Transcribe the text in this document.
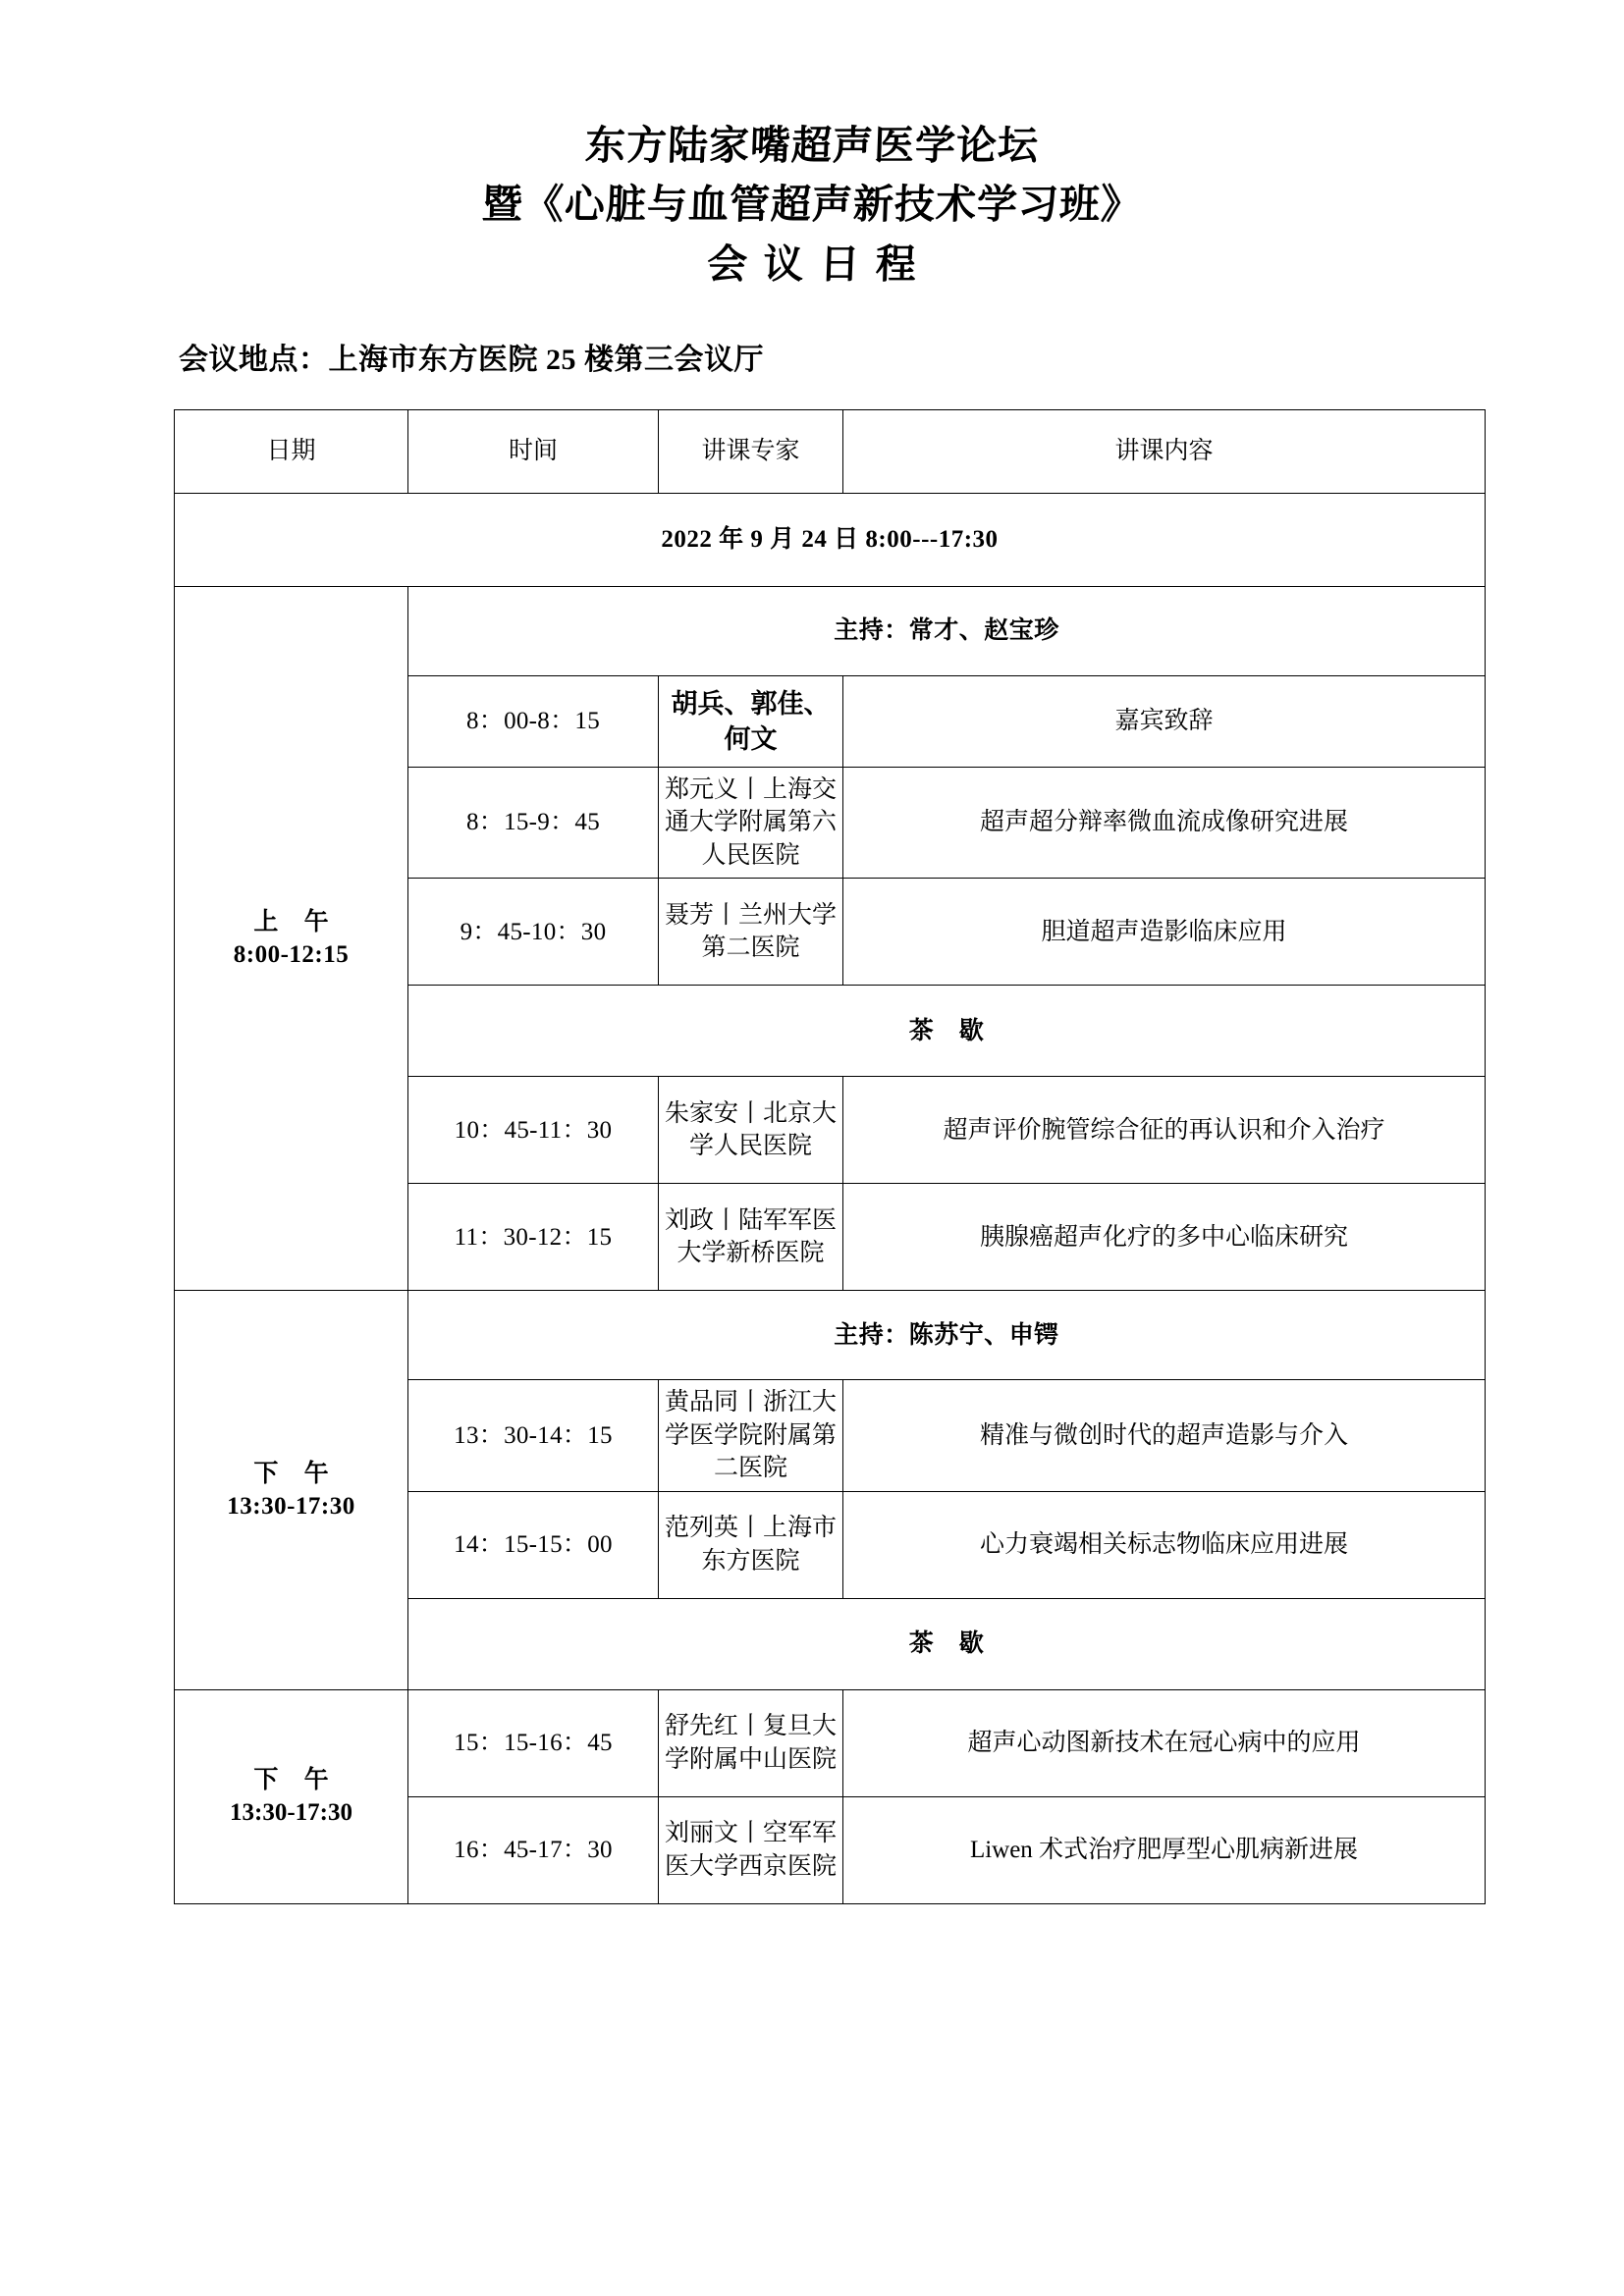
东方陆家嘴超声医学论坛
暨《心脏与血管超声新技术学习班》
会 议 日 程
会议地点：上海市东方医院 25 楼第三会议厅
日期	时间	讲课专家	讲课内容
2022 年 9 月 24 日 8:00---17:30			

上 午
8:00-12:15	主持：常才、赵宝珍		
	8：00-8：15	胡兵、郭佳、何文	嘉宾致辞
	8：15-9：45	郑元义丨上海交通大学附属第六人民医院	超声超分辩率微血流成像研究进展
	9：45-10：30	聂芳丨兰州大学第二医院	胆道超声造影临床应用
	茶　歇		
	10：45-11：30	朱家安丨北京大学人民医院	超声评价腕管综合征的再认识和介入治疗
	11：30-12：15	刘政丨陆军军医大学新桥医院	胰腺癌超声化疗的多中心临床研究

下 午
13:30-17:30	主持：陈苏宁、申锷		
	13：30-14：15	黄品同丨浙江大学医学院附属第二医院	精准与微创时代的超声造影与介入
	14：15-15：00	范列英丨上海市东方医院	心力衰竭相关标志物临床应用进展
	茶　歇		

下 午
13:30-17:30	15：15-16：45	舒先红丨复旦大学附属中山医院	超声心动图新技术在冠心病中的应用
	16：45-17：30	刘丽文丨空军军医大学西京医院	Liwen 术式治疗肥厚型心肌病新进展
